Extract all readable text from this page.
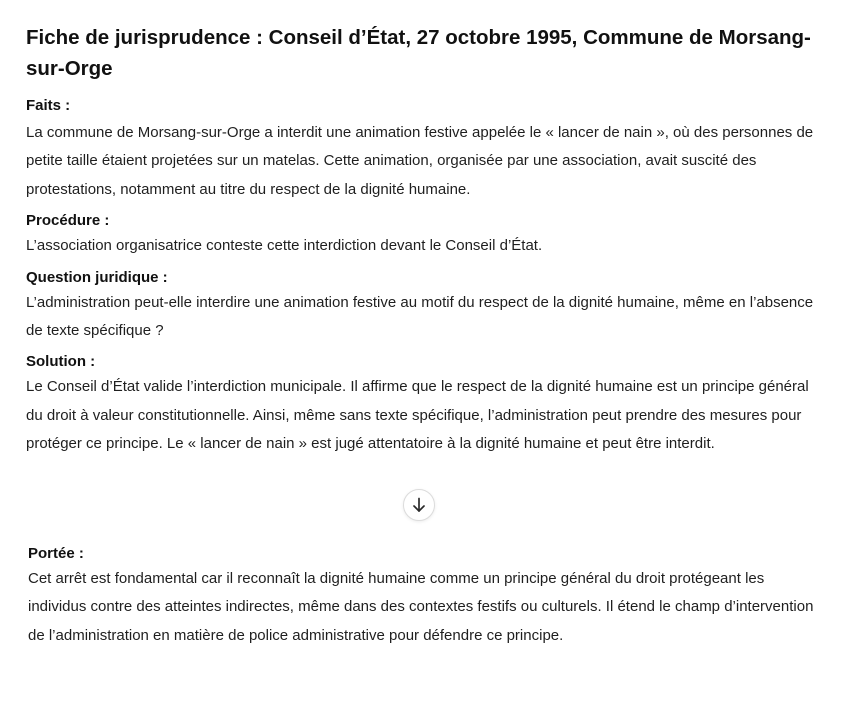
Fiche de jurisprudence : Conseil d’État, 27 octobre 1995, Commune de Morsang-sur-Orge
Faits :
La commune de Morsang-sur-Orge a interdit une animation festive appelée le « lancer de nain », où des personnes de petite taille étaient projetées sur un matelas. Cette animation, organisée par une association, avait suscité des protestations, notamment au titre du respect de la dignité humaine.
Procédure :
L’association organisatrice conteste cette interdiction devant le Conseil d’État.
Question juridique :
L’administration peut-elle interdire une animation festive au motif du respect de la dignité humaine, même en l’absence de texte spécifique ?
Solution :
Le Conseil d’État valide l’interdiction municipale. Il affirme que le respect de la dignité humaine est un principe général du droit à valeur constitutionnelle. Ainsi, même sans texte spécifique, l’administration peut prendre des mesures pour protéger ce principe. Le « lancer de nain » est jugé attentatoire à la dignité humaine et peut être interdit.
Portée :
Cet arrêt est fondamental car il reconnaît la dignité humaine comme un principe général du droit protégeant les individus contre des atteintes indirectes, même dans des contextes festifs ou culturels. Il étend le champ d’intervention de l’administration en matière de police administrative pour défendre ce principe.
